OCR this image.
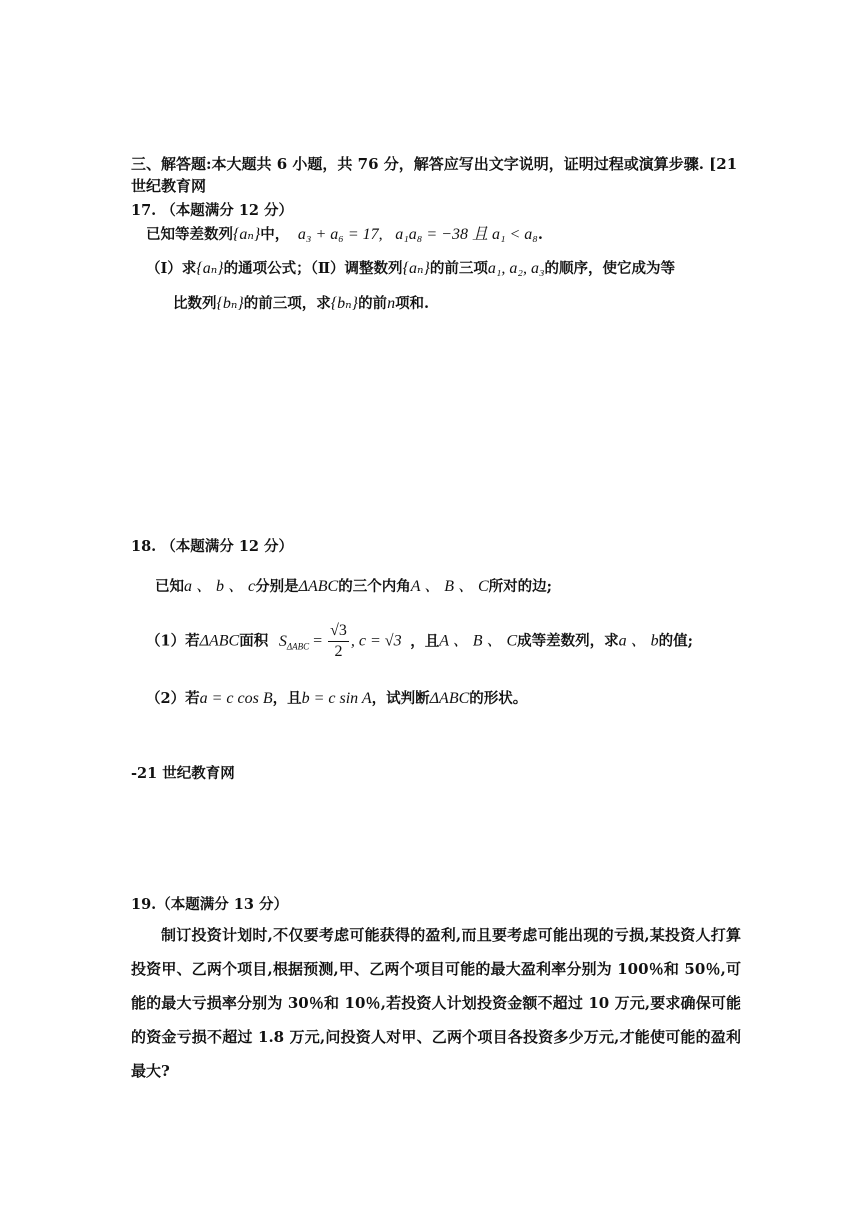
三、解答题:本大题共 6 小题，共 76 分，解答应写出文字说明，证明过程或演算步骤. [21
世纪教育网
17. （本题满分 12 分）
已知等差数列{aₙ}中， a₃ + a₆ = 17, a₁a₈ = −38 且 a₁ < a₈.
（Ⅰ）求{aₙ}的通项公式；（Ⅱ）调整数列{aₙ}的前三项a₁, a₂, a₃的顺序，使它成为等
比数列{bₙ}的前三项，求{bₙ}的前n项和.
18. （本题满分 12 分）
已知a 、 b 、 c分别是ΔABC的三个内角A 、 B 、 C所对的边;
（1）若ΔABC面积 $S_{\Delta ABC} = \frac{√3}{2}$ , c = √3 ，且A 、 B 、 C成等差数列，求a 、 b的值;
（2）若a = c cos B，且b = c sin A，试判断ΔABC的形状。
-21 世纪教育网
19.（本题满分 13 分）
制订投资计划时,不仅要考虑可能获得的盈利,而且要考虑可能出现的亏损,某投资人打算投资甲、乙两个项目,根据预测,甲、乙两个项目可能的最大盈利率分别为 100％和 50％,可能的最大亏损率分别为 30％和 10％,若投资人计划投资金额不超过 10 万元,要求确保可能的资金亏损不超过 1.8 万元,问投资人对甲、乙两个项目各投资多少万元,才能使可能的盈利最大?
